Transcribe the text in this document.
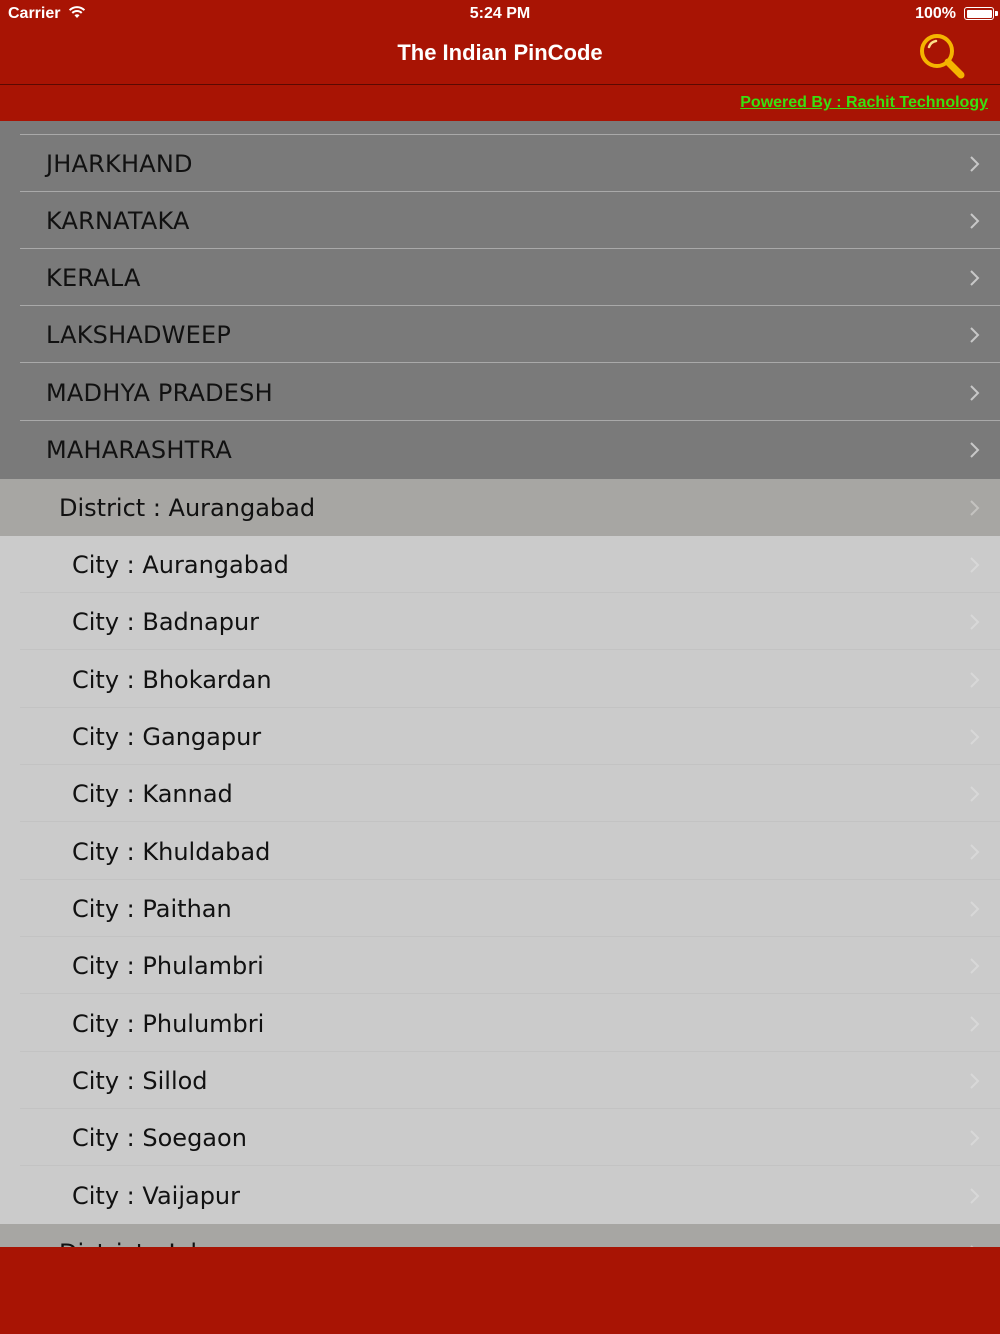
Carrier	5:24 PM	100%
The Indian PinCode
Powered By : Rachit Technology
JHARKHAND
KARNATAKA
KERALA
LAKSHADWEEP
MADHYA PRADESH
MAHARASHTRA
District : Aurangabad
City : Aurangabad
City : Badnapur
City : Bhokardan
City : Gangapur
City : Kannad
City : Khuldabad
City : Paithan
City : Phulambri
City : Phulumbri
City : Sillod
City : Soegaon
City : Vaijapur
